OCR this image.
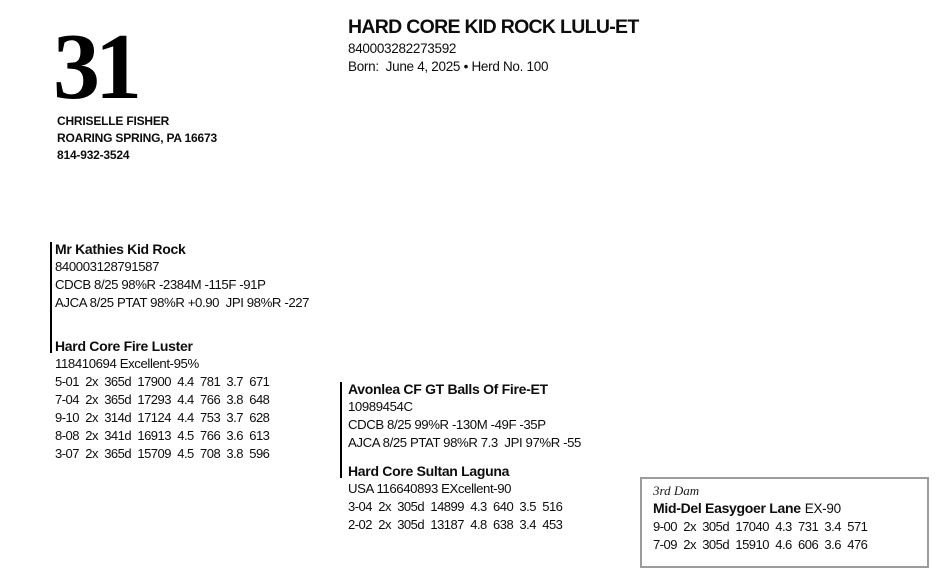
31
CHRISELLE FISHER
ROARING SPRING, PA 16673
814-932-3524
HARD CORE KID ROCK LULU-ET
840003282273592
Born:  June 4, 2025 • Herd No. 100
Mr Kathies Kid Rock
840003128791587
CDCB 8/25 98%R -2384M -115F -91P
AJCA 8/25 PTAT 98%R +0.90  JPI 98%R -227
Hard Core Fire Luster
118410694 Excellent-95%
5-01  2x  365d  17900  4.4  781  3.7  671
7-04  2x  365d  17293  4.4  766  3.8  648
9-10  2x  314d  17124  4.4  753  3.7  628
8-08  2x  341d  16913  4.5  766  3.6  613
3-07  2x  365d  15709  4.5  708  3.8  596
Avonlea CF GT Balls Of Fire-ET
10989454C
CDCB 8/25 99%R -130M -49F -35P
AJCA 8/25 PTAT 98%R 7.3  JPI 97%R -55
Hard Core Sultan Laguna
USA 116640893 EXcellent-90
3-04  2x  305d  14899  4.3  640  3.5  516
2-02  2x  305d  13187  4.8  638  3.4  453
3rd Dam
Mid-Del Easygoer Lane EX-90
9-00  2x  305d  17040  4.3  731  3.4  571
7-09  2x  305d  15910  4.6  606  3.6  476
